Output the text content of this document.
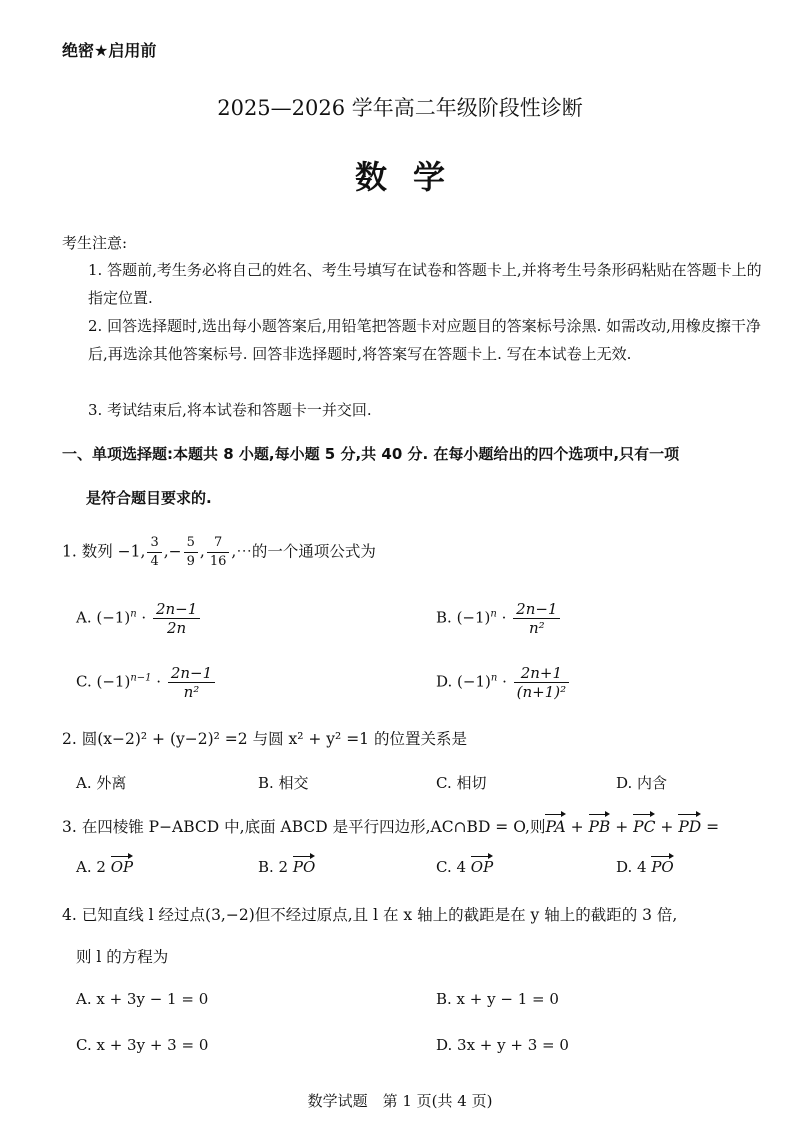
绝密★启用前
2025—2026 学年高二年级阶段性诊断
数学
考生注意:
1. 答题前,考生务必将自己的姓名、考生号填写在试卷和答题卡上,并将考生号条形码粘贴在答题卡上的指定位置.
2. 回答选择题时,选出每小题答案后,用铅笔把答题卡对应题目的答案标号涂黑. 如需改动,用橡皮擦干净后,再选涂其他答案标号. 回答非选择题时,将答案写在答题卡上. 写在本试卷上无效.
3. 考试结束后,将本试卷和答题卡一并交回.
一、单项选择题:本题共 8 小题,每小题 5 分,共 40 分. 在每小题给出的四个选项中,只有一项
是符合题目要求的.
1. 数列 −1, $\frac{3}{4}$ ,− $\frac{5}{9}$ , $\frac{7}{16}$ ,⋯的一个通项公式为
A. $(-1)^n \cdot \frac{2n-1}{2n}$	B. $(-1)^n \cdot \frac{2n-1}{\text{n²}}$
C. $(-1)^{n-1} \cdot \frac{2n-1}{\text{n²}}$	D. $(-1)^n \cdot \frac{2n+1}{\text{(n+1)²}}$
2. 圆(x−2)² + (y−2)² =2 与圆 x² + y² =1 的位置关系是
A. 外离	B. 相交	C. 相切	D. 内含
3. 在四棱锥 P−ABCD 中,底面 ABCD 是平行四边形,AC∩BD = O,则PA + PB + PC + PD =
A. 2 OP	B. 2 PO	C. 4 OP	D. 4 PO
4. 已知直线 l 经过点(3,−2)但不经过原点,且 l 在 x 轴上的截距是在 y 轴上的截距的 3 倍,
则 l 的方程为
A. x + 3y − 1 = 0	B. x + y − 1 = 0
C. x + 3y + 3 = 0	D. 3x + y + 3 = 0
数学试题　第 1 页(共 4 页)
